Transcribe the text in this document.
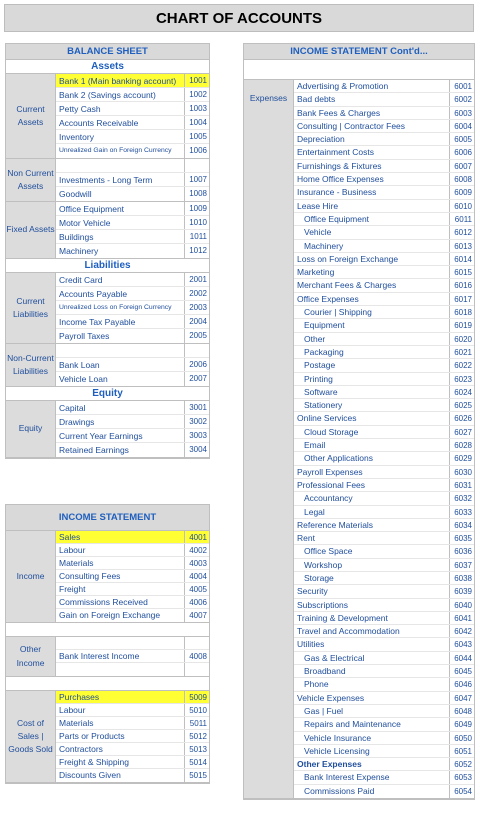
CHART OF ACCOUNTS
BALANCE SHEET
Assets
Current Assets
Bank 1 (Main banking account)	1001
Bank 2 (Savings account)	1002
Petty Cash	1003
Accounts Receivable	1004
Inventory	1005
Unrealized Gain on Foreign Currency	1006
Non Current Assets
Investments - Long Term	1007
Goodwill	1008
Fixed Assets
Office Equipment	1009
Motor Vehicle	1010
Buildings	1011
Machinery	1012
Liabilities
Current Liabilities
Credit Card	2001
Accounts Payable	2002
Unrealized Loss on Foreign Currency	2003
Income Tax Payable	2004
Payroll Taxes	2005
Non-Current Liabilities
Bank Loan	2006
Vehicle Loan	2007
Equity
Equity
Capital	3001
Drawings	3002
Current Year Earnings	3003
Retained Earnings	3004
INCOME STATEMENT
Income
Sales	4001
Labour	4002
Materials	4003
Consulting Fees	4004
Freight	4005
Commissions Received	4006
Gain on Foreign Exchange	4007
Other Income
Bank Interest Income	4008
Cost of Sales | Goods Sold
Purchases	5009
Labour	5010
Materials	5011
Parts or Products	5012
Contractors	5013
Freight & Shipping	5014
Discounts Given	5015
INCOME STATEMENT Cont'd...
Expenses
Advertising & Promotion	6001
Bad debts	6002
Bank Fees & Charges	6003
Consulting | Contractor Fees	6004
Depreciation	6005
Entertainment Costs	6006
Furnishings & Fixtures	6007
Home Office Expenses	6008
Insurance - Business	6009
Lease Hire	6010
Office Equipment	6011
Vehicle	6012
Machinery	6013
Loss on Foreign Exchange	6014
Marketing	6015
Merchant Fees & Charges	6016
Office Expenses	6017
Courier | Shipping	6018
Equipment	6019
Other	6020
Packaging	6021
Postage	6022
Printing	6023
Software	6024
Stationery	6025
Online Services	6026
Cloud Storage	6027
Email	6028
Other Applications	6029
Payroll Expenses	6030
Professional Fees	6031
Accountancy	6032
Legal	6033
Reference Materials	6034
Rent	6035
Office Space	6036
Workshop	6037
Storage	6038
Security	6039
Subscriptions	6040
Training & Development	6041
Travel and Accommodation	6042
Utilities	6043
Gas & Electrical	6044
Broadband	6045
Phone	6046
Vehicle Expenses	6047
Gas | Fuel	6048
Repairs and Maintenance	6049
Vehicle Insurance	6050
Vehicle Licensing	6051
Other Expenses	6052
Bank Interest Expense	6053
Commissions Paid	6054
